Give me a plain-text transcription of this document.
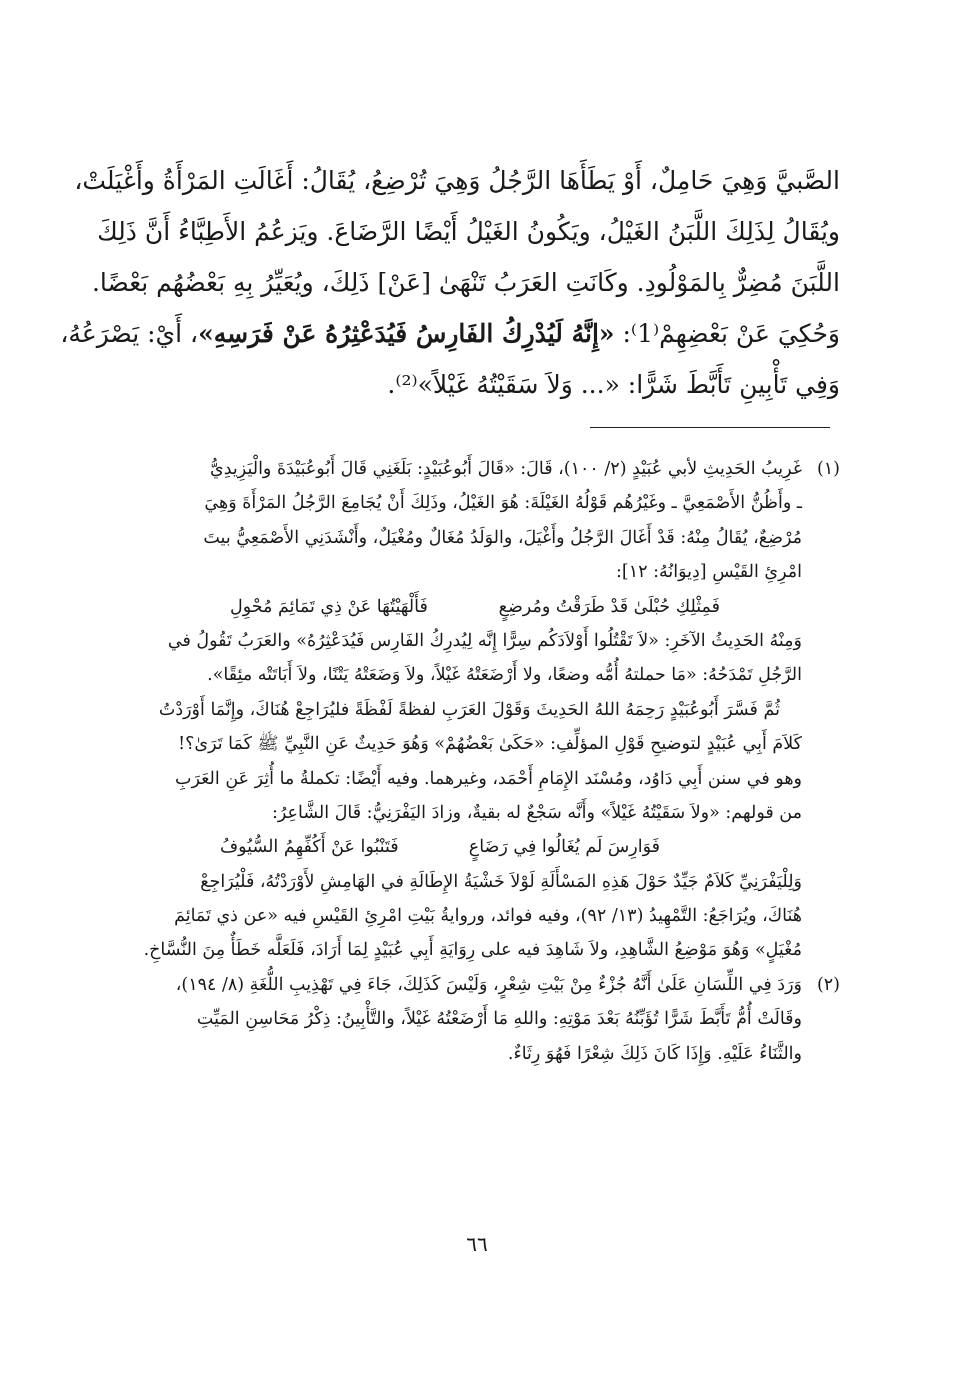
الصَّبيَّ وَهِيَ حَامِلٌ، أَوْ يَطَأَهَا الرَّجُلُ وَهِيَ تُرْضِعُ، يُقَالُ: أَغَالَتِ المَرْأَةُ وأَغْيَلَتْ،
ويُقَالُ لِذَلِكَ اللَّبَنُ الغَيْلُ، ويَكُونُ الغَيْلُ أَيْضًا الرَّضَاعَ. ويَزعُمُ الأَطِبَّاءُ أَنَّ ذَلِكَ
اللَّبَنَ مُضِرٌّ بِالمَوْلُودِ. وكَانَتِ العَرَبُ تَنْهَىٰ [عَنْ] ذَلِكَ، ويُعَيِّرُ بِهِ بَعْضُهُم بَعْضًا.
وَحُكِيَ عَنْ بَعْضِهِمْ⁽1⁾: «إِنَّهُ لَيُدْرِكُ الفَارِسُ فَيُدَعْثِرُهُ عَنْ فَرَسِهِ»، أَيْ: يَصْرَعُهُ،
وَفِي تَأْبِينِ تَأَبَّطَ شَرًّا: «... وَلاَ سَقَيْتُهُ غَيْلاً»⁽²⁾.
(١)غَرِيبُ الحَدِيثِ لأبي عُبَيْدٍ (٢/ ١٠٠)، قَالَ: «قَالَ أَبُوعُبَيْدٍ: بَلَغَنِي قَالَ أَبُوعُبَيْدَةَ والْيَزِيدِيُّ
ـ وأَظُنُّ الأَصْمَعِيَّ ـ وغَيْرُهُم قَوْلُهُ الغَيْلَةَ: هُوَ الغَيْلُ، وذَلِكَ أَنْ يُجَامِعَ الرَّجُلُ المَرْأَةَ وَهِيَ
مُرْضِعٌ، يُقَالُ مِنْهُ: قَدْ أَغَالَ الرَّجُلُ وأَغْيَلَ، والوَلَدُ مُغَالٌ ومُغْيَلٌ، وأَنْشَدَنِي الأَصْمَعِيُّ بيتَ
امْرِئِ القَيْسِ [دِيوَانُهُ: ١٢]:
فَمِثْلِكِ حُبْلَىٰ قَدْ طَرَقْتُ ومُرضِعٍ
فَأَلْهَيْتُهَا عَنْ ذِي تَمَائِمَ مُحْوِلِ
وَمِنْهُ الحَدِيثُ الآخَرِ: «لاَ تَقْتُلُوا أَوْلاَدَكُم سِرًّا إِنَّه لِيُدرِكُ الفَارِس فَيُدَعْثِرُهُ» والعَرَبُ تَقُولُ في
الرَّجُلِ تَمْدَحُهُ: «مَا حملتهُ أُمُّه وضعًا، ولا أَرْضَعَتْهُ غَيْلاً، ولاَ وَضَعَتْهُ يَتْنًا، ولاَ أَبَاتَتْه مئِقًا».
ثُمَّ فَسَّرَ أَبُوعُبَيْدٍ رَحِمَهُ اللهُ الحَدِيثَ وَقَوْلَ العَرَبِ لفظةً لَفْظَةً فليُرَاجِعْ هُنَاكَ، وإِنَّمَا أَوْرَدْتُ
كَلاَمَ أَبِي عُبَيْدٍ لتوضيحِ قَوْلِ المؤلِّفِ: «حَكَىٰ بَعْضُهُمْ» وَهُوَ حَدِيثٌ عَنِ النَّبِيِّ ﷺ كَمَا تَرَىٰ؟!
وهو في سنن أَبِي دَاوُد، ومُسْنَد الإِمَامِ أَحْمَد، وغيرهما. وفيه أَيْضًا: تكملةُ ما أُثِرَ عَنِ العَرَبِ
من قولهم: «ولاَ سَقَيْتُهُ غَيْلاً» وأَنَّه سَجْعٌ له بقيةٌ، وزادَ اليَفْرَنِيُّ: قَالَ الشَّاعِرُ:
فَوَارِسَ لَم يُغَالُوا فِي رَضَاعٍ
فَتَنْبُوا عَنْ أَكُفِّهِمُ السُّيُوفُ
وَلِلْيَفْرَنِيِّ كَلاَمٌ جَيِّدٌ حَوْلَ هَذِهِ المَسْأَلَةِ لَوْلاَ خَشْيَةُ الإِطَالَةِ في الهَامِشِ لأَوْرَدْتُهُ، فَلْيُرَاجِعْ
هُنَاكَ، ويُرَاجَعُ: التَّمْهِيدُ (١٣/ ٩٢)، وفيه فوائد، وروايةُ بَيْتِ امْرِئِ القَيْسِ فيه «عن ذي تَمَائِمَ
مُغْيَلٍ» وَهُوَ مَوْضِعُ الشَّاهِدِ، ولاَ شَاهِدَ فيه على رِوَايَةِ أَبِي عُبَيْدٍ لِمَا أَرَادَ، فَلَعَلَّه خَطَأٌ مِنَ النُّسَّاخِ.
(٢)وَرَدَ فِي اللِّسَانِ عَلَىٰ أَنَّهُ جُزْءٌ مِنْ بَيْتِ شِعْرٍ، وَلَيْسَ كَذَلِكَ، جَاءَ فِي تَهْذِيبِ اللُّغَةِ (٨/ ١٩٤)،
وقَالَتْ أُمُّ تَأَبَّطَ شَرًّا تُؤَبِّنُهُ بَعْدَ مَوْتِهِ: واللهِ مَا أَرْضَعْتُهُ غَيْلاً، والتَّأْبِينُ: ذِكْرُ مَحَاسِنِ المَيِّتِ
والثَّنَاءُ عَلَيْهِ. وَإِذَا كَانَ ذَلِكَ شِعْرًا فَهُوَ رِثَاءٌ.
٦٦
